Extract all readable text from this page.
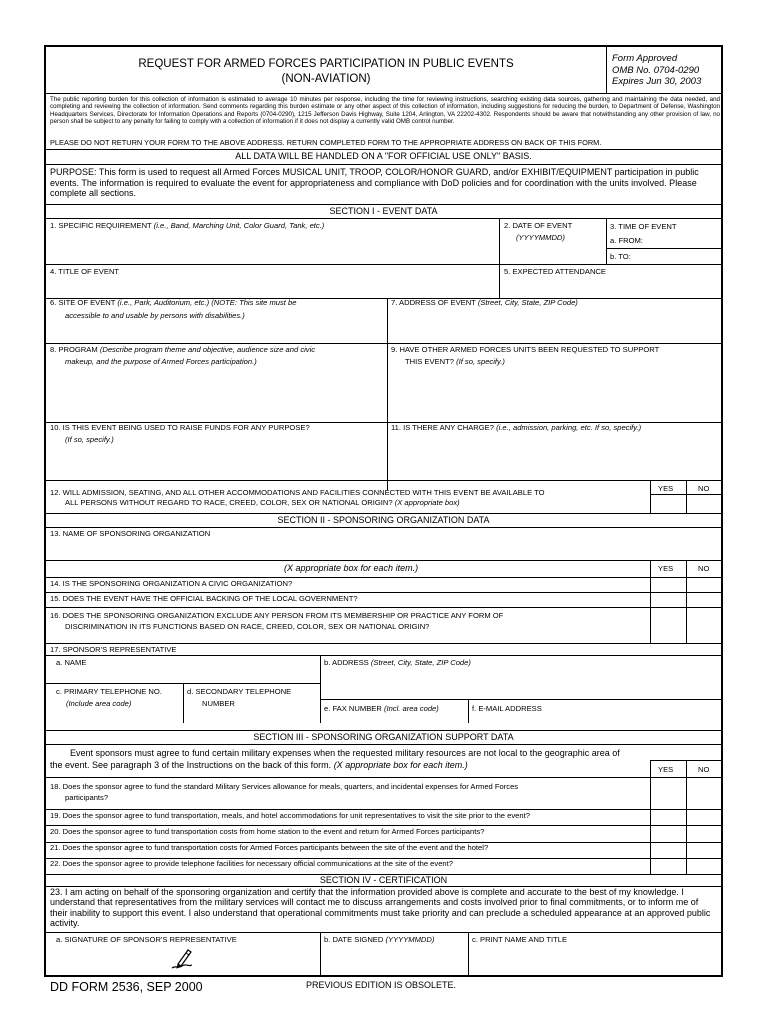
REQUEST FOR ARMED FORCES PARTICIPATION IN PUBLIC EVENTS
(NON-AVIATION)
Form Approved
OMB No. 0704-0290
Expires Jun 30, 2003
The public reporting burden for this collection of information is estimated to average 10 minutes per response, including the time for reviewing instructions, searching existing data sources, gathering and maintaining the data needed, and completing and reviewing the collection of information. Send comments regarding this burden estimate or any other aspect of this collection of information, including suggestions for reducing the burden, to Department of Defense, Washington Headquarters Services, Directorate for Information Operations and Reports (0704-0290), 1215 Jefferson Davis Highway, Suite 1204, Arlington, VA 22202-4302. Respondents should be aware that notwithstanding any other provision of law, no person shall be subject to any penalty for failing to comply with a collection of information if it does not display a currently valid OMB control number.
PLEASE DO NOT RETURN YOUR FORM TO THE ABOVE ADDRESS. RETURN COMPLETED FORM TO THE APPROPRIATE ADDRESS ON BACK OF THIS FORM.
ALL DATA WILL BE HANDLED ON A "FOR OFFICIAL USE ONLY" BASIS.
PURPOSE: This form is used to request all Armed Forces MUSICAL UNIT, TROOP, COLOR/HONOR GUARD, and/or EXHIBIT/EQUIPMENT participation in public events. The information is required to evaluate the event for appropriateness and compliance with DoD policies and for coordination with the units involved. Please complete all sections.
SECTION I - EVENT DATA
1. SPECIFIC REQUIREMENT (i.e., Band, Marching Unit, Color Guard, Tank, etc.)	2. DATE OF EVENT
(YYYYMMDD)
3. TIME OF EVENT
a. FROM:
b. TO:
4. TITLE OF EVENT	5. EXPECTED ATTENDANCE
6. SITE OF EVENT (i.e., Park, Auditorium, etc.) (NOTE: This site must be
accessible to and usable by persons with disabilities.)
7. ADDRESS OF EVENT (Street, City, State, ZIP Code)
8. PROGRAM (Describe program theme and objective, audience size and civic
makeup, and the purpose of Armed Forces participation.)
9. HAVE OTHER ARMED FORCES UNITS BEEN REQUESTED TO SUPPORT
THIS EVENT? (If so, specify.)
10. IS THIS EVENT BEING USED TO RAISE FUNDS FOR ANY PURPOSE?
(If so, specify.)
11. IS THERE ANY CHARGE? (i.e., admission, parking, etc. If so, specify.)
YES	NO
12. WILL ADMISSION, SEATING, AND ALL OTHER ACCOMMODATIONS AND FACILITIES CONNECTED WITH THIS EVENT BE AVAILABLE TO
ALL PERSONS WITHOUT REGARD TO RACE, CREED, COLOR, SEX OR NATIONAL ORIGIN? (X appropriate box)
SECTION II - SPONSORING ORGANIZATION DATA
13. NAME OF SPONSORING ORGANIZATION
(X appropriate box for each item.)	YES	NO
14. IS THE SPONSORING ORGANIZATION A CIVIC ORGANIZATION?
15. DOES THE EVENT HAVE THE OFFICIAL BACKING OF THE LOCAL GOVERNMENT?
16. DOES THE SPONSORING ORGANIZATION EXCLUDE ANY PERSON FROM ITS MEMBERSHIP OR PRACTICE ANY FORM OF
DISCRIMINATION IN ITS FUNCTIONS BASED ON RACE, CREED, COLOR, SEX OR NATIONAL ORIGIN?
17. SPONSOR'S REPRESENTATIVE
a. NAME	b. ADDRESS (Street, City, State, ZIP Code)
c. PRIMARY TELEPHONE NO.
(Include area code)
d. SECONDARY TELEPHONE
NUMBER
e. FAX NUMBER (Incl. area code)	f. E-MAIL ADDRESS
SECTION III - SPONSORING ORGANIZATION SUPPORT DATA
Event sponsors must agree to fund certain military expenses when the requested military resources are not local to the geographic area of
the event. See paragraph 3 of the Instructions on the back of this form. (X appropriate box for each item.)	YES	NO
18. Does the sponsor agree to fund the standard Military Services allowance for meals, quarters, and incidental expenses for Armed Forces
participants?
19. Does the sponsor agree to fund transportation, meals, and hotel accommodations for unit representatives to visit the site prior to the event?
20. Does the sponsor agree to fund transportation costs from home station to the event and return for Armed Forces participants?
21. Does the sponsor agree to fund transportation costs for Armed Forces participants between the site of the event and the hotel?
22. Does the sponsor agree to provide telephone facilities for necessary official communications at the site of the event?
SECTION IV - CERTIFICATION
23. I am acting on behalf of the sponsoring organization and certify that the information provided above is complete and accurate to the best of my knowledge. I understand that representatives from the military services will contact me to discuss arrangements and costs involved prior to final commitments, or to inform me of their inability to support this event. I also understand that operational commitments must take priority and can preclude a scheduled appearance at an approved public activity.
a. SIGNATURE OF SPONSOR'S REPRESENTATIVE	b. DATE SIGNED (YYYYMMDD)	c. PRINT NAME AND TITLE
DD FORM 2536, SEP 2000	PREVIOUS EDITION IS OBSOLETE.
